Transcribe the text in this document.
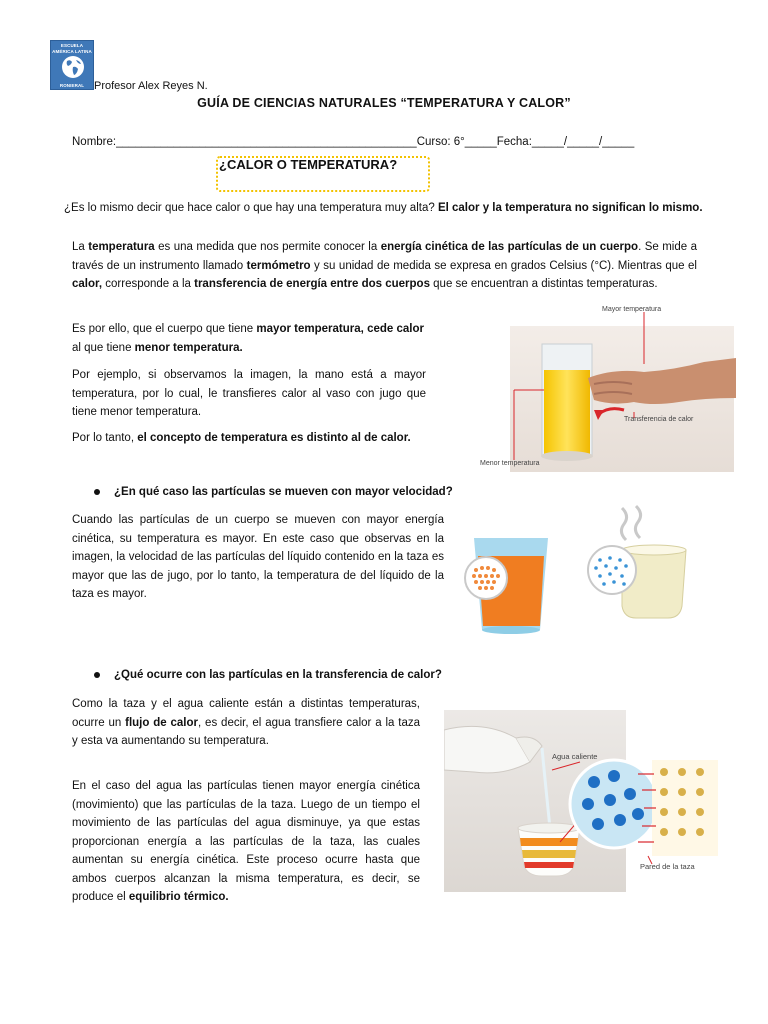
ESCUELA
AMÉRICA LATINA
RONIERAL Profesor Alex Reyes N.
GUÍA DE CIENCIAS NATURALES “TEMPERATURA Y CALOR”
Nombre:_______________________________________________Curso: 6°_____Fecha:_____/_____/_____
¿CALOR O TEMPERATURA?
¿Es lo mismo decir que hace calor o que hay una temperatura muy alta? El calor y la temperatura no significan lo mismo.
La temperatura es una medida que nos permite conocer la energía cinética de las partículas de un cuerpo. Se mide a través de un instrumento llamado termómetro y su unidad de medida se expresa en grados Celsius (°C). Mientras que el calor, corresponde a la transferencia de energía entre dos cuerpos que se encuentran a distintas temperaturas.
Es por ello, que el cuerpo que tiene mayor temperatura, cede calor al que tiene menor temperatura.
Por ejemplo, si observamos la imagen, la mano está a mayor temperatura, por lo cual, le transfieres calor al vaso con jugo que tiene menor temperatura.
Por lo tanto, el concepto de temperatura es distinto al de calor.
Mayor temperatura
Transferencia de calor
Menor temperatura
¿En qué caso las partículas se mueven con mayor velocidad?
Cuando las partículas de un cuerpo se mueven con mayor energía cinética, su temperatura es mayor. En este caso que observas en la imagen, la velocidad de las partículas del líquido contenido en la taza es mayor que las de jugo, por lo tanto, la temperatura de del líquido de la taza es mayor.
¿Qué ocurre con las partículas en la transferencia de calor?
Como la taza y el agua caliente están a distintas temperaturas, ocurre un flujo de calor, es decir, el agua transfiere calor a la taza y esta va aumentando su temperatura.
En el caso del agua las partículas tienen mayor energía cinética (movimiento) que las partículas de la taza. Luego de un tiempo el movimiento de las partículas del agua disminuye, ya que estas proporcionan energía a las partículas de la taza, las cuales aumentan su energía cinética. Este proceso ocurre hasta que ambos cuerpos alcanzan la misma temperatura, es decir, se produce el equilibrio térmico.
Agua caliente
Pared de la taza
